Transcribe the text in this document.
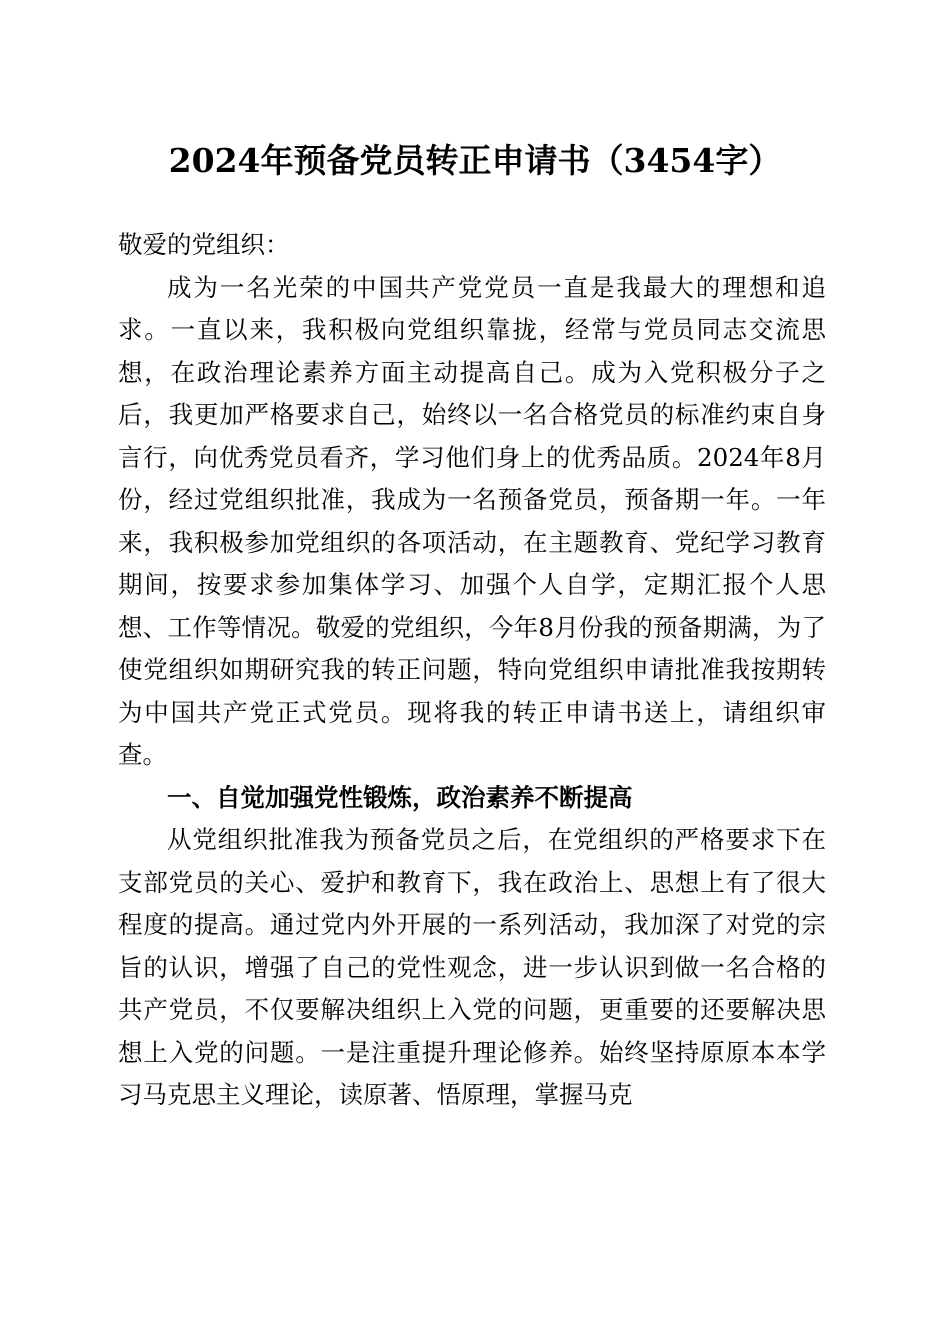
2024年预备党员转正申请书（3454字）

敬爱的党组织：

成为一名光荣的中国共产党党员一直是我最大的理想和追求。一直以来，我积极向党组织靠拢，经常与党员同志交流思想，在政治理论素养方面主动提高自己。成为入党积极分子之后，我更加严格要求自己，始终以一名合格党员的标准约束自身言行，向优秀党员看齐，学习他们身上的优秀品质。2024年8月份，经过党组织批准，我成为一名预备党员，预备期一年。一年来，我积极参加党组织的各项活动，在主题教育、党纪学习教育期间，按要求参加集体学习、加强个人自学，定期汇报个人思想、工作等情况。敬爱的党组织，今年8月份我的预备期满，为了使党组织如期研究我的转正问题，特向党组织申请批准我按期转为中国共产党正式党员。现将我的转正申请书送上，请组织审查。

一、自觉加强党性锻炼，政治素养不断提高

从党组织批准我为预备党员之后，在党组织的严格要求下在支部党员的关心、爱护和教育下，我在政治上、思想上有了很大程度的提高。通过党内外开展的一系列活动，我加深了对党的宗旨的认识，增强了自己的党性观念，进一步认识到做一名合格的共产党员，不仅要解决组织上入党的问题，更重要的还要解决思想上入党的问题。一是注重提升理论修养。始终坚持原原本本学习马克思主义理论，读原著、悟原理，掌握马克
